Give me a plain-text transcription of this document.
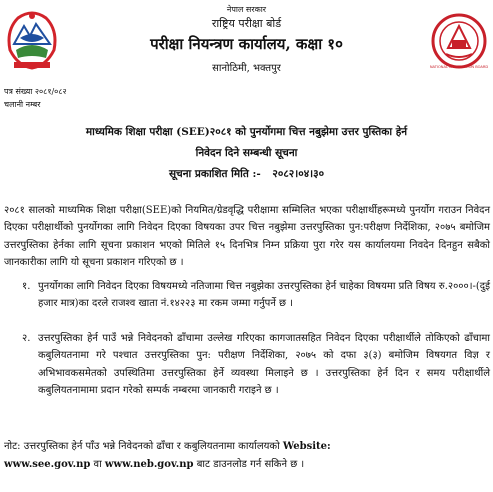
NATIONAL EXAMINATION BOARD
नेपाल सरकार
राष्ट्रिय परीक्षा बोर्ड
परीक्षा नियन्त्रण कार्यालय, कक्षा १०
सानोठिमी, भक्तपुर
पत्र संख्या २०८१/०८२
चलानी नम्बर
माध्यमिक शिक्षा परीक्षा (SEE)२०८१ को पुनर्योगमा चित्त नबुझेमा उत्तर पुस्तिका हेर्न
निवेदन दिने सम्बन्धी सूचना
सूचना प्रकाशित मिति :- २०८२।०४।३०

२०८१ सालको माध्यमिक शिक्षा परीक्षा(SEE)को नियमित/ग्रेडवृद्धि परीक्षामा सम्मिलित भएका परीक्षार्थीहरूमध्ये पुनर्योग गराउन निवेदन दिएका परीक्षार्थीको पुनर्योगका लागि निवेदन दिएका विषयका उपर चित्त नबुझेमा उत्तरपुस्तिका पुन:परीक्षण निर्देशिका, २०७५ बमोजिम उत्तरपुस्तिका हेर्नका लागि सूचना प्रकाशन भएको मितिले १५ दिनभित्र निम्न प्रक्रिया पुरा गरेर यस कार्यालयमा निवदेन दिनहुन सबैको जानकारीका लागि यो सूचना प्रकाशन गरिएको छ ।

१. पुनर्योगका लागि निवेदन दिएका विषयमध्ये नतिजामा चित्त नबुझेका उत्तरपुस्तिका हेर्न चाहेका विषयमा प्रति विषय रु.२०००।-(दुई हजार मात्र)का दरले राजश्व खाता नं.१४२२३ मा रकम जम्मा गर्नुपर्ने छ ।

२. उत्तरपुस्तिका हेर्न पाउँ भन्ने निवेदनको ढाँचामा उल्लेख गरिएका कागजातसहित निवेदन दिएका परीक्षार्थीले तोकिएको ढाँचामा कबुलियतनामा गरे पश्चात उत्तरपुस्तिका पुन: परीक्षण निर्देशिका, २०७५ को दफा ३(३) बमोजिम विषयगत विज्ञ र अभिभावकसमेतको उपस्थितिमा उत्तरपुस्तिका हेर्ने व्यवस्था मिलाइने छ । उत्तरपुस्तिका हेर्न दिन र समय परीक्षार्थीले कबुलियतनामामा प्रदान गरेको सम्पर्क नम्बरमा जानकारी गराइने छ ।

नोट: उत्तरपुस्तिका हेर्न पाँउ भन्ने निवेदनको ढाँचा र कबुलियतनामा कार्यालयको Website:
www.see.gov.np वा www.neb.gov.np बाट डाउनलोड गर्न सकिने छ ।
